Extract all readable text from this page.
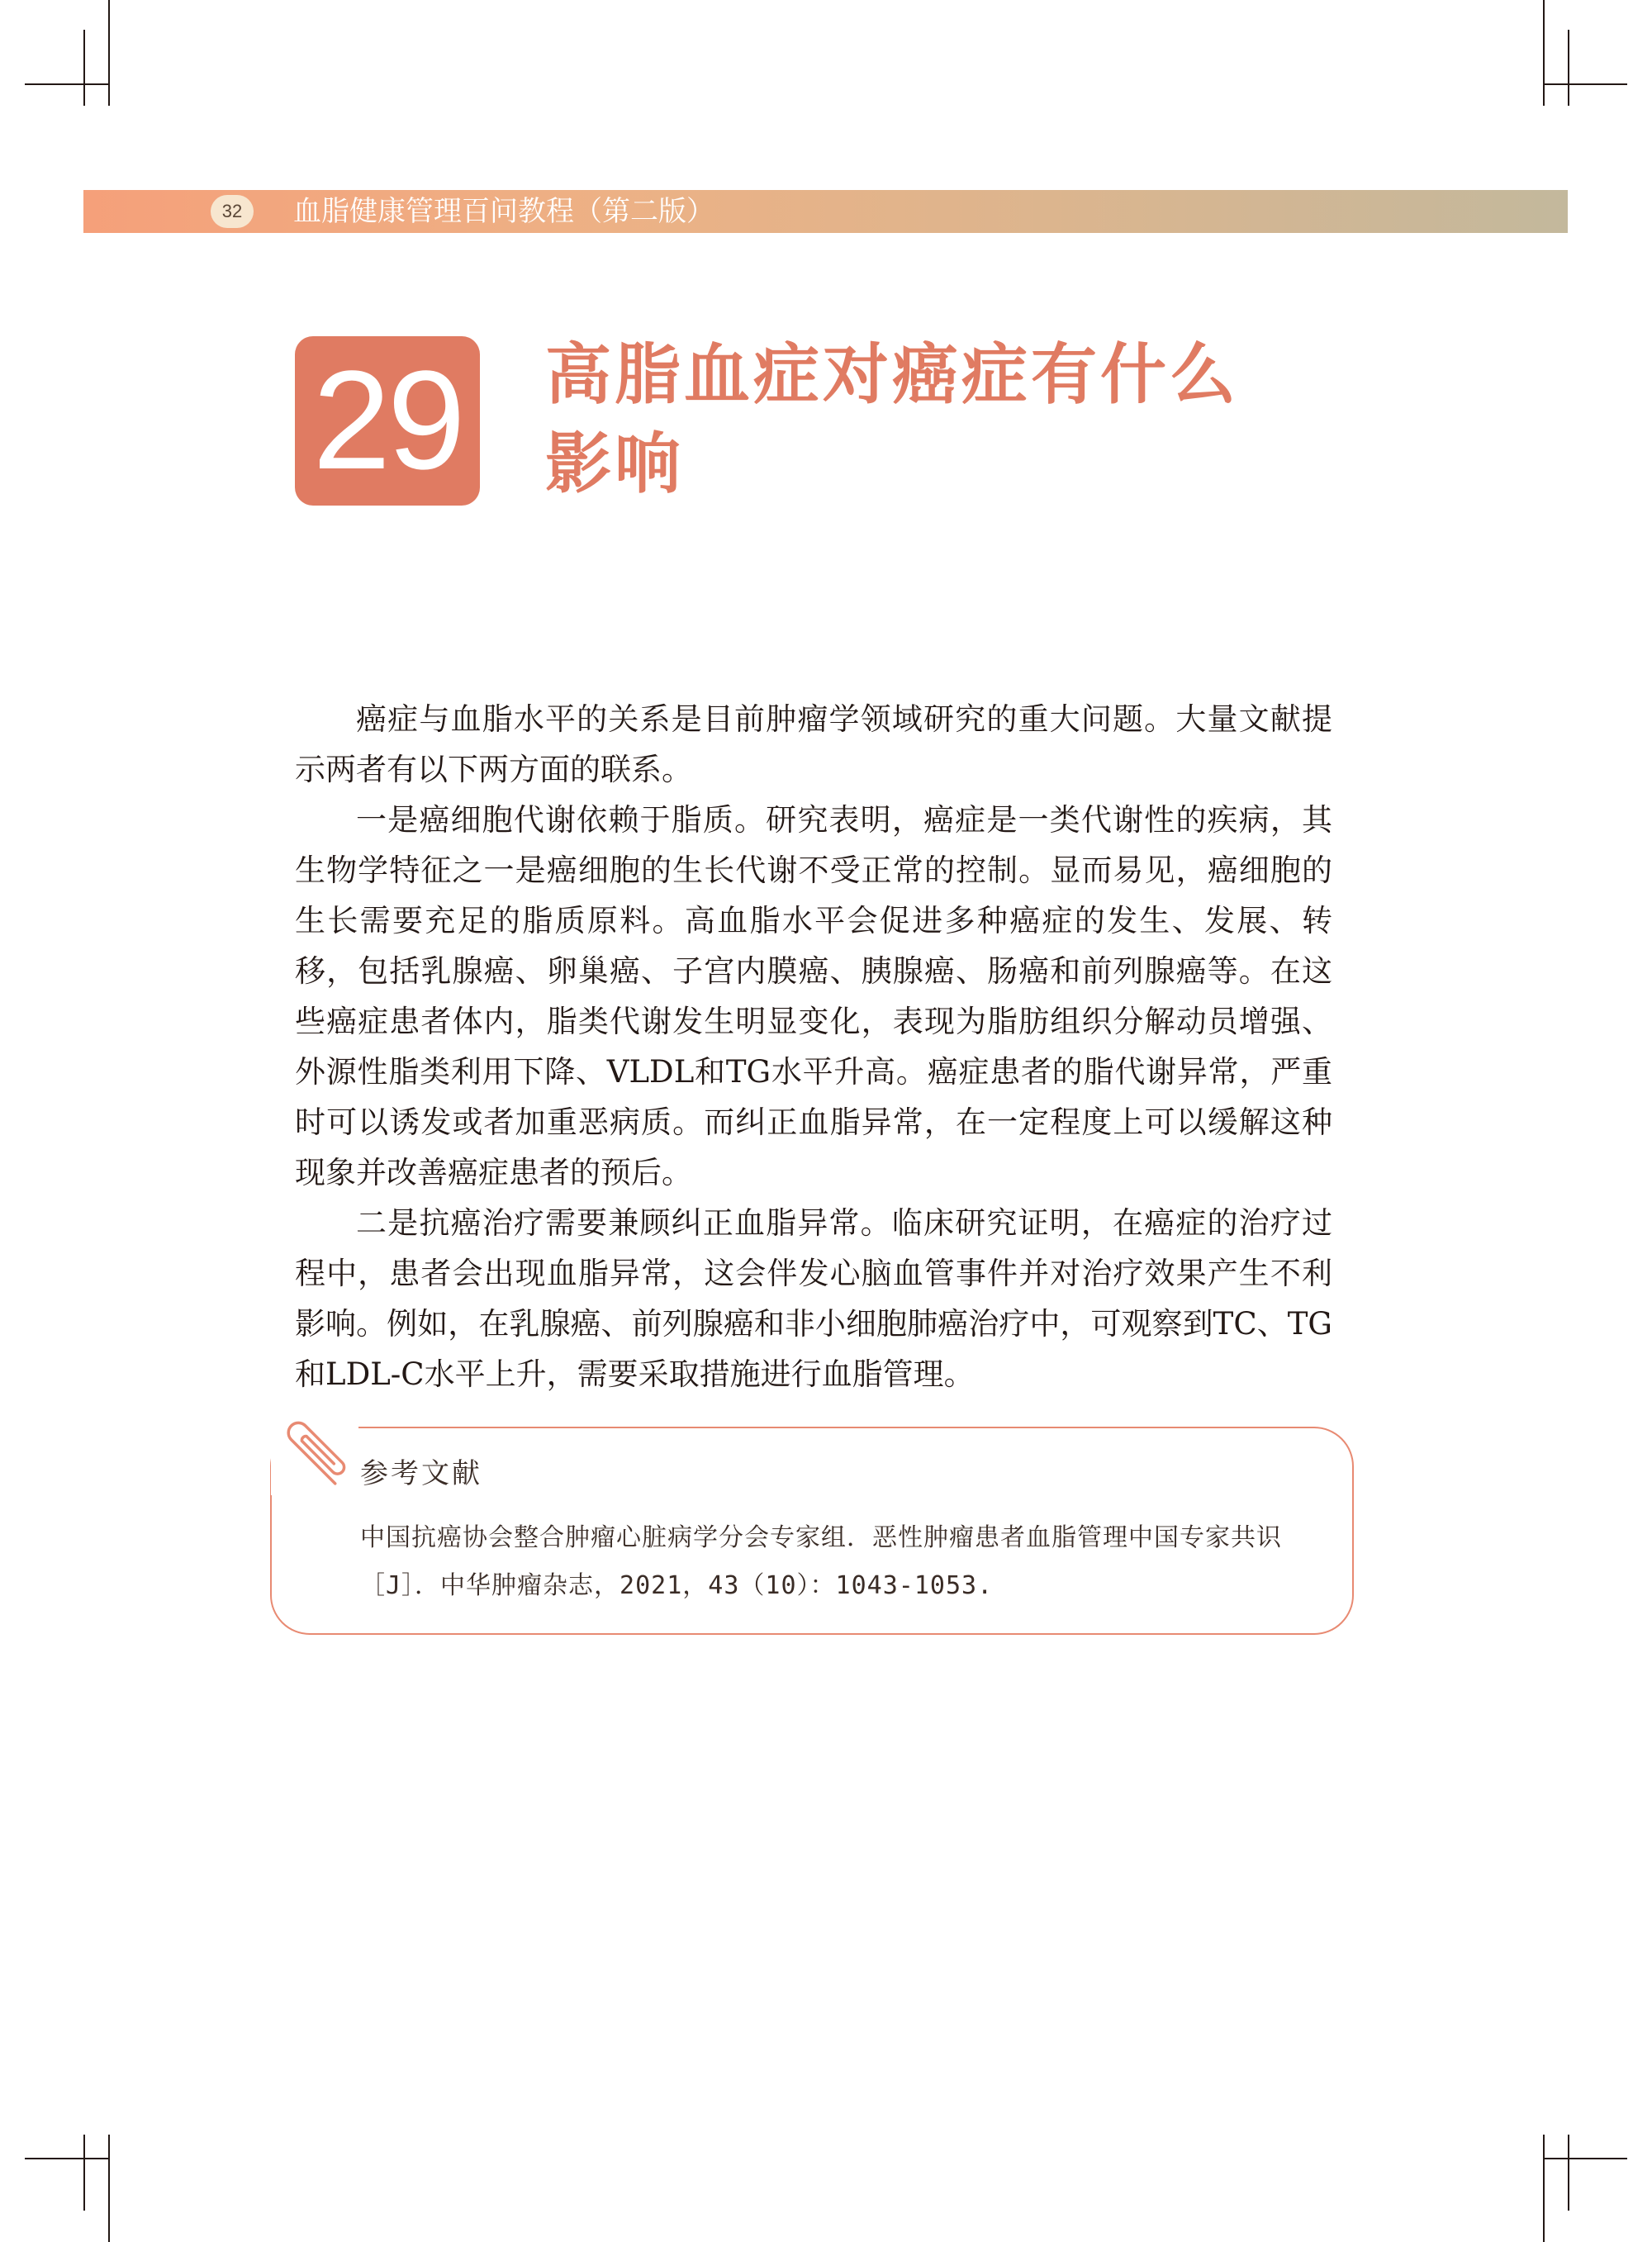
32	血脂健康管理百问教程（第二版）
29 高脂血症对癌症有什么
影响

癌症与血脂水平的关系是目前肿瘤学领域研究的重大问题。大量文献提示两者有以下两方面的联系。

一是癌细胞代谢依赖于脂质。研究表明，癌症是一类代谢性的疾病，其生物学特征之一是癌细胞的生长代谢不受正常的控制。显而易见，癌细胞的生长需要充足的脂质原料。高血脂水平会促进多种癌症的发生、发展、转移，包括乳腺癌、卵巢癌、子宫内膜癌、胰腺癌、肠癌和前列腺癌等。在这些癌症患者体内，脂类代谢发生明显变化，表现为脂肪组织分解动员增强、外源性脂类利用下降、VLDL和TG水平升高。癌症患者的脂代谢异常，严重时可以诱发或者加重恶病质。而纠正血脂异常，在一定程度上可以缓解这种现象并改善癌症患者的预后。

二是抗癌治疗需要兼顾纠正血脂异常。临床研究证明，在癌症的治疗过程中，患者会出现血脂异常，这会伴发心脑血管事件并对治疗效果产生不利影响。例如，在乳腺癌、前列腺癌和非小细胞肺癌治疗中，可观察到TC、TG和LDL-C水平上升，需要采取措施进行血脂管理。

参考文献
中国抗癌协会整合肿瘤心脏病学分会专家组．恶性肿瘤患者血脂管理中国专家共识［J］．中华肿瘤杂志，2021，43（10）：1043-1053.
